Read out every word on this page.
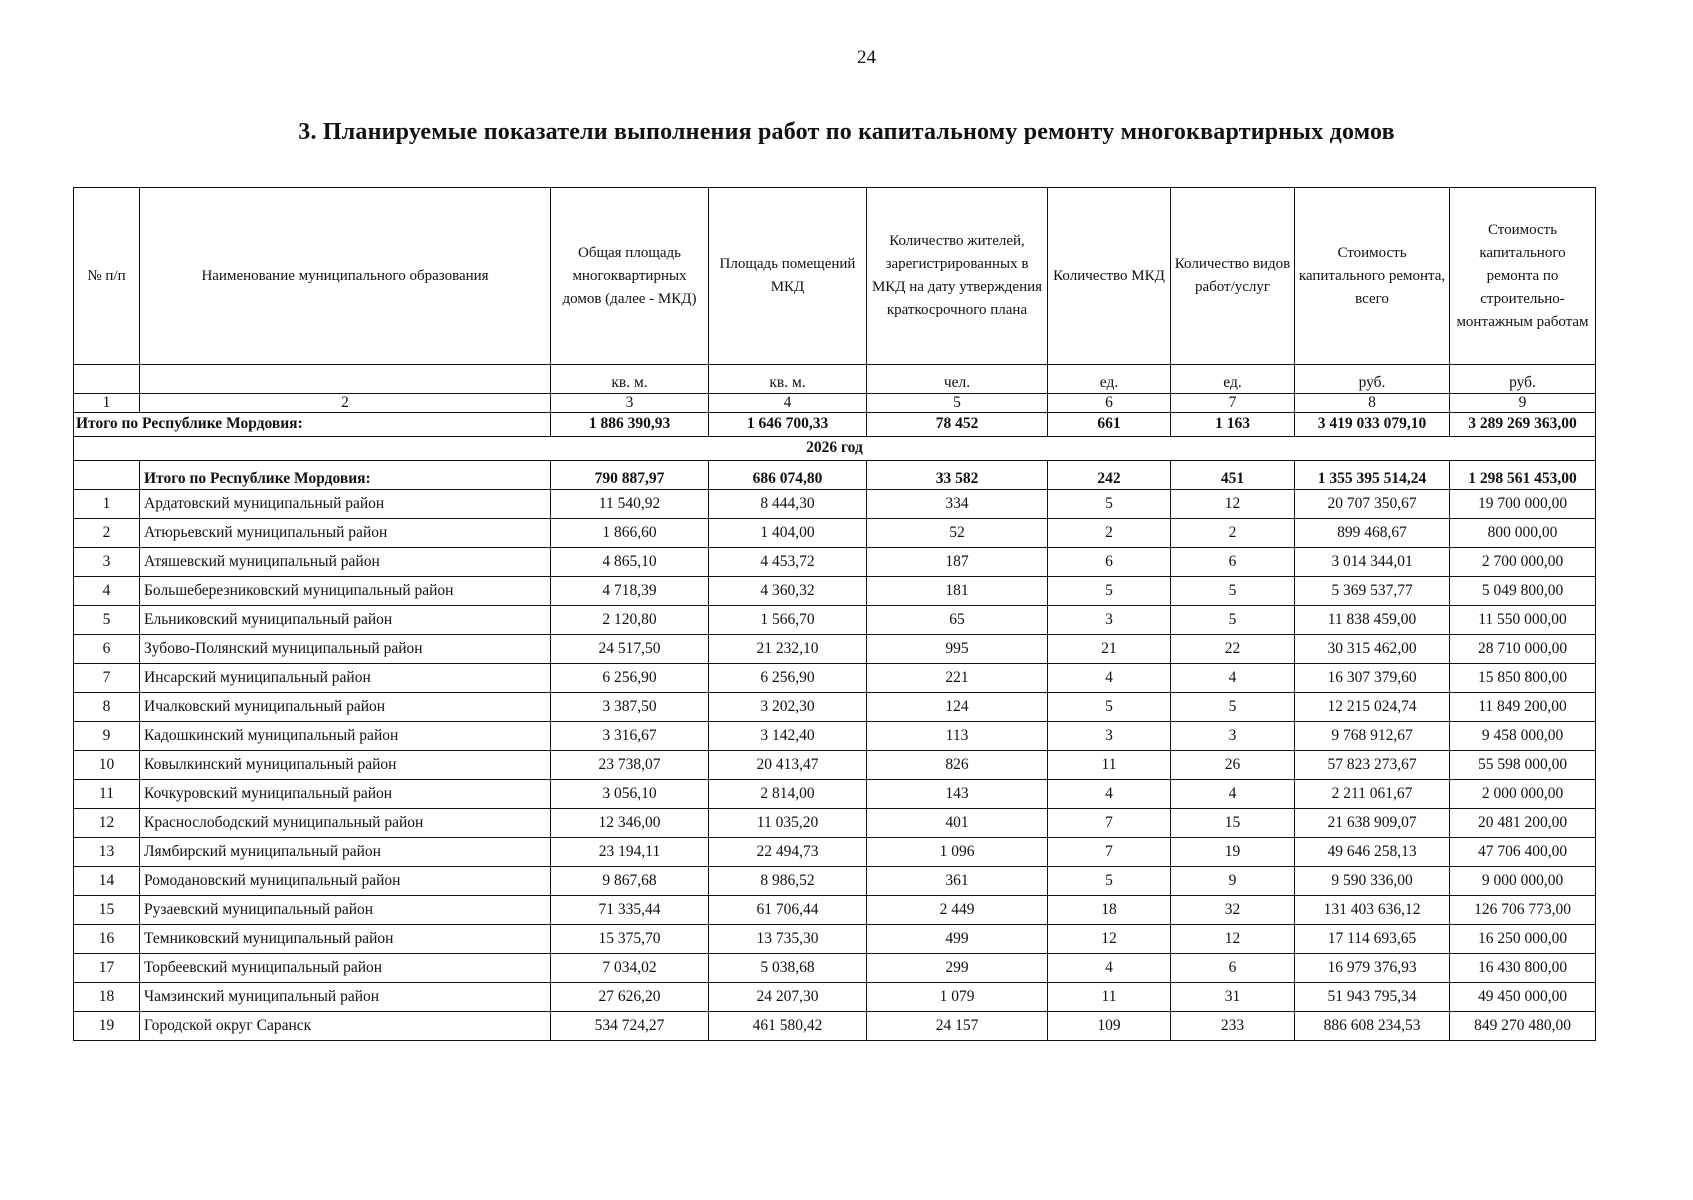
24
3. Планируемые показатели выполнения работ по капитальному ремонту многоквартирных домов
№ п/п	Наименование муниципального образования	Общая площадь многоквартирных домов (далее - МКД)	Площадь помещений МКД	Количество жителей, зарегистрированных в МКД на дату утверждения краткосрочного плана	Количество МКД	Количество видов работ/услуг	Стоимость капитального ремонта, всего	Стоимость капитального ремонта по строительно-монтажным работам
		кв. м.	кв. м.	чел.	ед.	ед.	руб.	руб.
1	2	3	4	5	6	7	8	9
Итого по Республике Мордовия:		1 886 390,93	1 646 700,33	78 452	661	1 163	3 419 033 079,10	3 289 269 363,00
2026 год								
	Итого по Республике Мордовия:	790 887,97	686 074,80	33 582	242	451	1 355 395 514,24	1 298 561 453,00
1	Ардатовский муниципальный район	11 540,92	8 444,30	334	5	12	20 707 350,67	19 700 000,00
2	Атюрьевский муниципальный район	1 866,60	1 404,00	52	2	2	899 468,67	800 000,00
3	Атяшевский муниципальный район	4 865,10	4 453,72	187	6	6	3 014 344,01	2 700 000,00
4	Большеберезниковский муниципальный район	4 718,39	4 360,32	181	5	5	5 369 537,77	5 049 800,00
5	Ельниковский муниципальный район	2 120,80	1 566,70	65	3	5	11 838 459,00	11 550 000,00
6	Зубово-Полянский муниципальный район	24 517,50	21 232,10	995	21	22	30 315 462,00	28 710 000,00
7	Инсарский муниципальный район	6 256,90	6 256,90	221	4	4	16 307 379,60	15 850 800,00
8	Ичалковский муниципальный район	3 387,50	3 202,30	124	5	5	12 215 024,74	11 849 200,00
9	Кадошкинский муниципальный район	3 316,67	3 142,40	113	3	3	9 768 912,67	9 458 000,00
10	Ковылкинский муниципальный район	23 738,07	20 413,47	826	11	26	57 823 273,67	55 598 000,00
11	Кочкуровский муниципальный район	3 056,10	2 814,00	143	4	4	2 211 061,67	2 000 000,00
12	Краснослободский муниципальный район	12 346,00	11 035,20	401	7	15	21 638 909,07	20 481 200,00
13	Лямбирский муниципальный район	23 194,11	22 494,73	1 096	7	19	49 646 258,13	47 706 400,00
14	Ромодановский муниципальный район	9 867,68	8 986,52	361	5	9	9 590 336,00	9 000 000,00
15	Рузаевский муниципальный район	71 335,44	61 706,44	2 449	18	32	131 403 636,12	126 706 773,00
16	Темниковский муниципальный район	15 375,70	13 735,30	499	12	12	17 114 693,65	16 250 000,00
17	Торбеевский муниципальный район	7 034,02	5 038,68	299	4	6	16 979 376,93	16 430 800,00
18	Чамзинский муниципальный район	27 626,20	24 207,30	1 079	11	31	51 943 795,34	49 450 000,00
19	Городской округ Саранск	534 724,27	461 580,42	24 157	109	233	886 608 234,53	849 270 480,00
